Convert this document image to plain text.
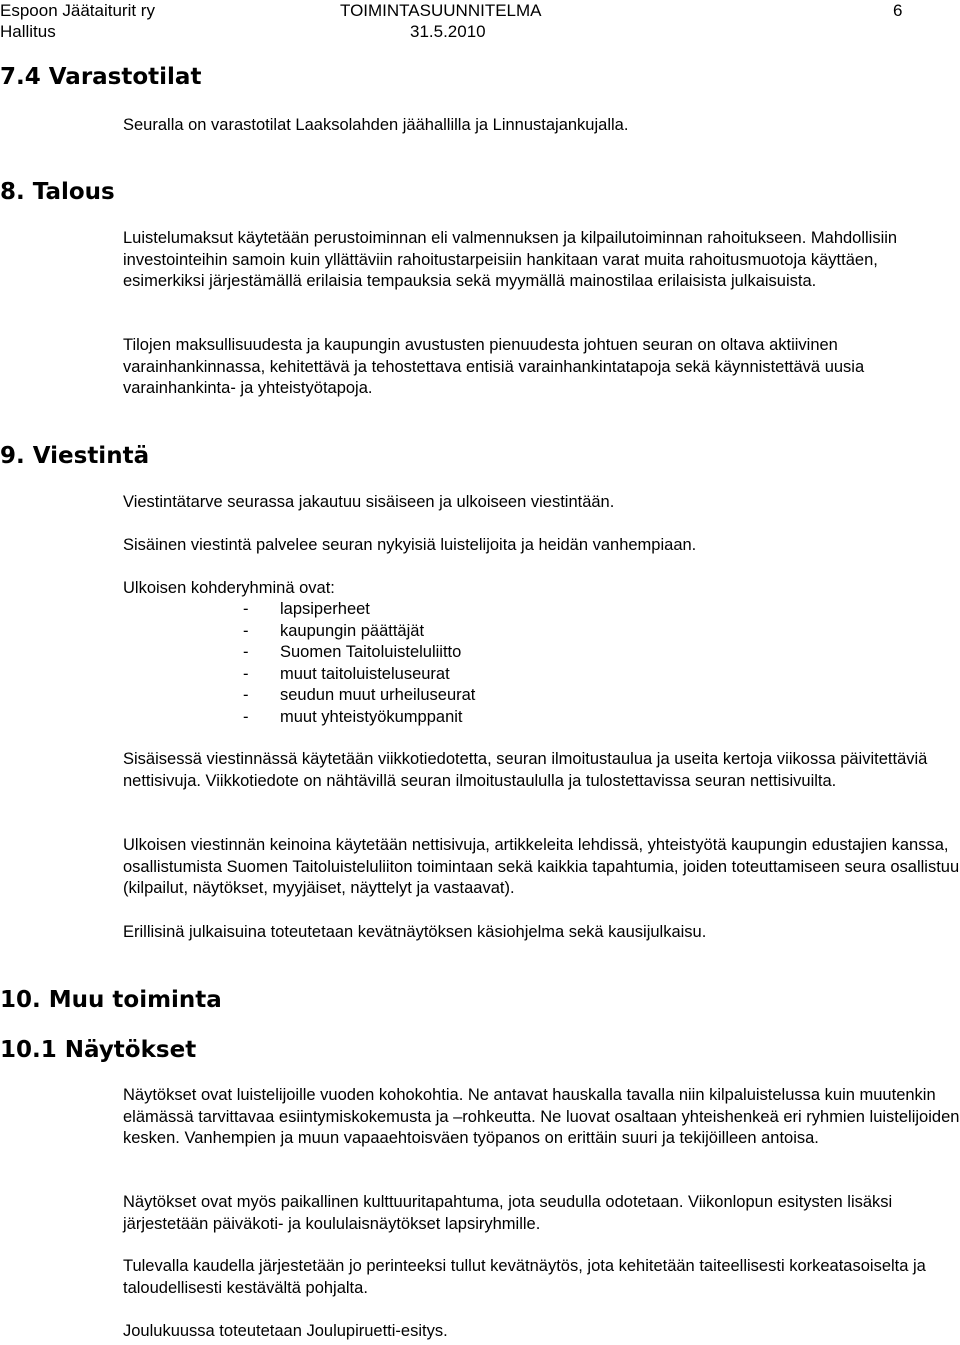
Espoon Jäätaiturit ry
Hallitus
TOIMINTASUUNNITELMA
31.5.2010
6
7.4 Varastotilat

Seuralla on varastotilat Laaksolahden jäähallilla ja Linnustajankujalla.

8. Talous

Luistelumaksut käytetään perustoiminnan eli valmennuksen ja kilpailutoiminnan rahoitukseen. Mahdollisiin investointeihin samoin kuin yllättäviin rahoitustarpeisiin hankitaan varat muita rahoitusmuotoja käyttäen, esimerkiksi järjestämällä erilaisia tempauksia sekä myymällä mainostilaa erilaisista julkaisuista.

Tilojen maksullisuudesta ja kaupungin avustusten pienuudesta johtuen seuran on oltava aktiivinen varainhankinnassa, kehitettävä ja tehostettava entisiä varainhankintatapoja sekä käynnistettävä uusia varainhankinta- ja yhteistyötapoja.

9. Viestintä

Viestintätarve seurassa jakautuu sisäiseen ja ulkoiseen viestintään.

Sisäinen viestintä palvelee seuran nykyisiä luistelijoita ja heidän vanhempiaan.

Ulkoisen kohderyhminä ovat:

- lapsiperheet
- kaupungin päättäjät
- Suomen Taitoluisteluliitto
- muut taitoluisteluseurat
- seudun muut urheiluseurat
- muut yhteistyökumppanit

Sisäisessä viestinnässä käytetään viikkotiedotetta, seuran ilmoitustaulua ja useita kertoja viikossa päivitettäviä nettisivuja. Viikkotiedote on nähtävillä seuran ilmoitustaululla ja tulostettavissa seuran nettisivuilta.

Ulkoisen viestinnän keinoina käytetään nettisivuja, artikkeleita lehdissä, yhteistyötä kaupungin edustajien kanssa, osallistumista Suomen Taitoluisteluliiton toimintaan sekä kaikkia tapahtumia, joiden toteuttamiseen seura osallistuu (kilpailut, näytökset, myyjäiset, näyttelyt ja vastaavat).

Erillisinä julkaisuina toteutetaan kevätnäytöksen käsiohjelma sekä kausijulkaisu.

10. Muu toiminta
10.1 Näytökset

Näytökset ovat luistelijoille vuoden kohokohtia. Ne antavat hauskalla tavalla niin kilpaluistelussa kuin muutenkin elämässä tarvittavaa esiintymiskokemusta ja –rohkeutta. Ne luovat osaltaan yhteishenkeä eri ryhmien luistelijoiden kesken. Vanhempien ja muun vapaaehtoisväen työpanos on erittäin suuri ja tekijöilleen antoisa.

Näytökset ovat myös paikallinen kulttuuritapahtuma, jota seudulla odotetaan. Viikonlopun esitysten lisäksi järjestetään päiväkoti- ja koululaisnäytökset lapsiryhmille.

Tulevalla kaudella järjestetään jo perinteeksi tullut kevätnäytös, jota kehitetään taiteellisesti korkeatasoiselta ja taloudellisesti kestävältä pohjalta.

Joulukuussa toteutetaan Joulupiruetti-esitys.
